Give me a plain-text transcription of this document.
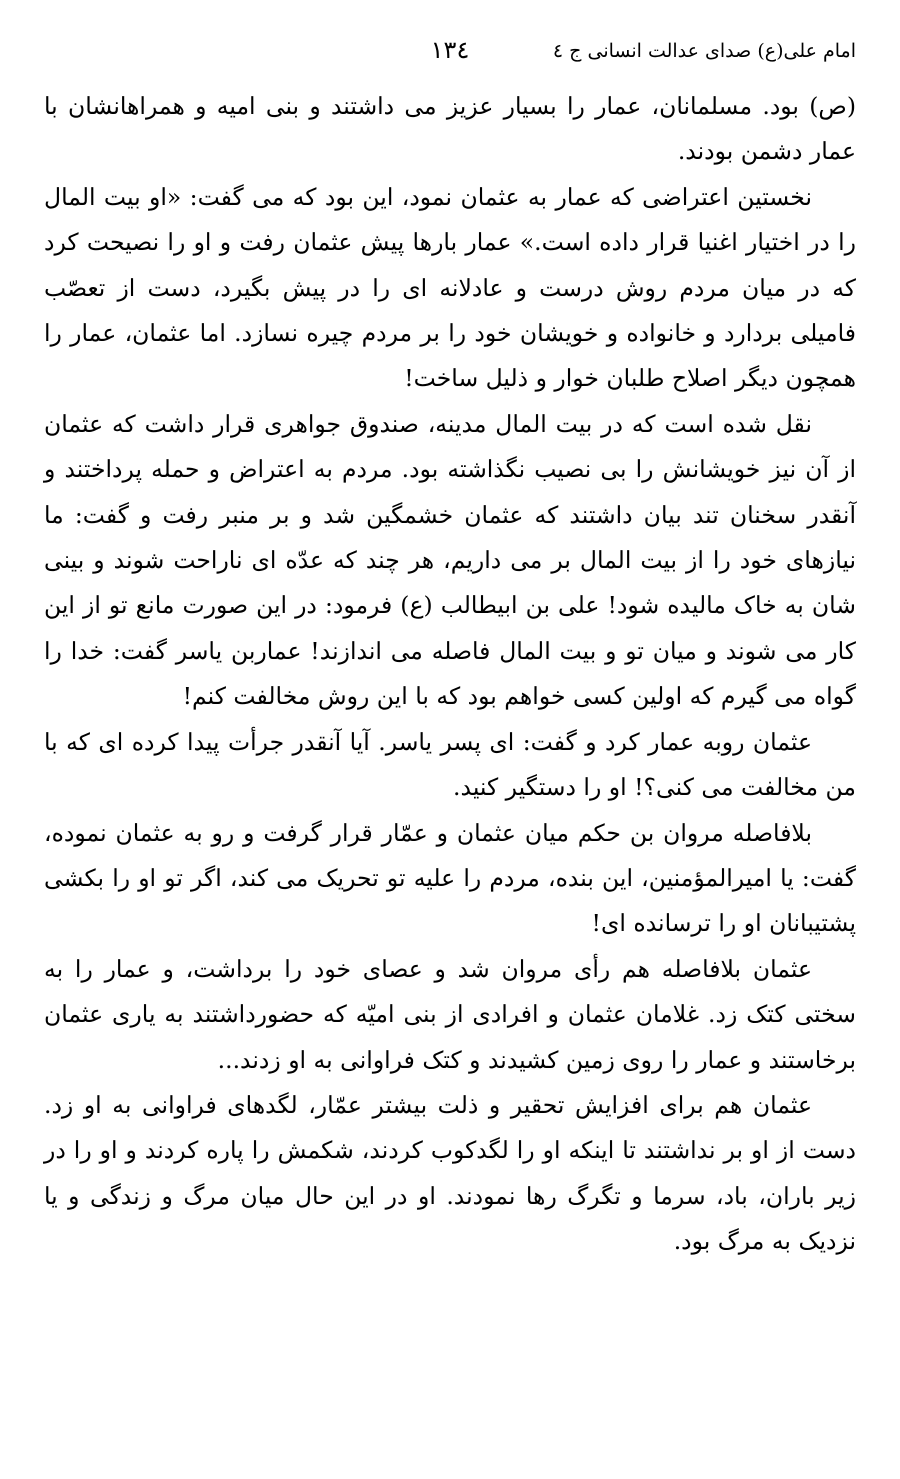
امام علی(ع) صدای عدالت انسانی ج ٤
١٣٤

(ص) بود. مسلمانان، عمار را بسیار عزیز می داشتند و بنی امیه و همراهانشان با عمار دشمن بودند.

نخستین اعتراضی که عمار به عثمان نمود، این بود که می گفت: «او بیت المال را در اختیار اغنیا قرار داده است.» عمار بارها پیش عثمان رفت و او را نصیحت کرد که در میان مردم روش درست و عادلانه ای را در پیش بگیرد، دست از تعصّب فامیلی بردارد و خانواده و خویشان خود را بر مردم چیره نسازد. اما عثمان، عمار را همچون دیگر اصلاح طلبان خوار و ذلیل ساخت!

نقل شده است که در بیت المال مدینه، صندوق جواهری قرار داشت که عثمان از آن نیز خویشانش را بی نصیب نگذاشته بود. مردم به اعتراض و حمله پرداختند و آنقدر سخنان تند بیان داشتند که عثمان خشمگین شد و بر منبر رفت و گفت: ما نیازهای خود را از بیت المال بر می داریم، هر چند که عدّه ای ناراحت شوند و بینی شان به خاک مالیده شود! علی بن ابیطالب (ع) فرمود: در این صورت مانع تو از این کار می شوند و میان تو و بیت المال فاصله می اندازند! عماربن یاسر گفت: خدا را گواه می گیرم که اولین کسی خواهم بود که با این روش مخالفت کنم!

عثمان روبه عمار کرد و گفت: ای پسر یاسر. آیا آنقدر جرأت پیدا کرده ای که با من مخالفت می کنی؟! او را دستگیر کنید.

بلافاصله مروان بن حکم میان عثمان و عمّار قرار گرفت و رو به عثمان نموده، گفت: یا امیرالمؤمنین، این بنده، مردم را علیه تو تحریک می کند، اگر تو او را بکشی پشتیبانان او را ترسانده ای!

عثمان بلافاصله هم رأی مروان شد و عصای خود را برداشت، و عمار را به سختی کتک زد. غلامان عثمان و افرادی از بنی امیّه که حضورداشتند به یاری عثمان برخاستند و عمار را روی زمین کشیدند و کتک فراوانی به او زدند...

عثمان هم برای افزایش تحقیر و ذلت بیشتر عمّار، لگدهای فراوانی به او زد. دست از او بر نداشتند تا اینکه او را لگدکوب کردند، شکمش را پاره کردند و او را در زیر باران، باد، سرما و تگرگ رها نمودند. او در این حال میان مرگ و زندگی و یا نزدیک به مرگ بود.
